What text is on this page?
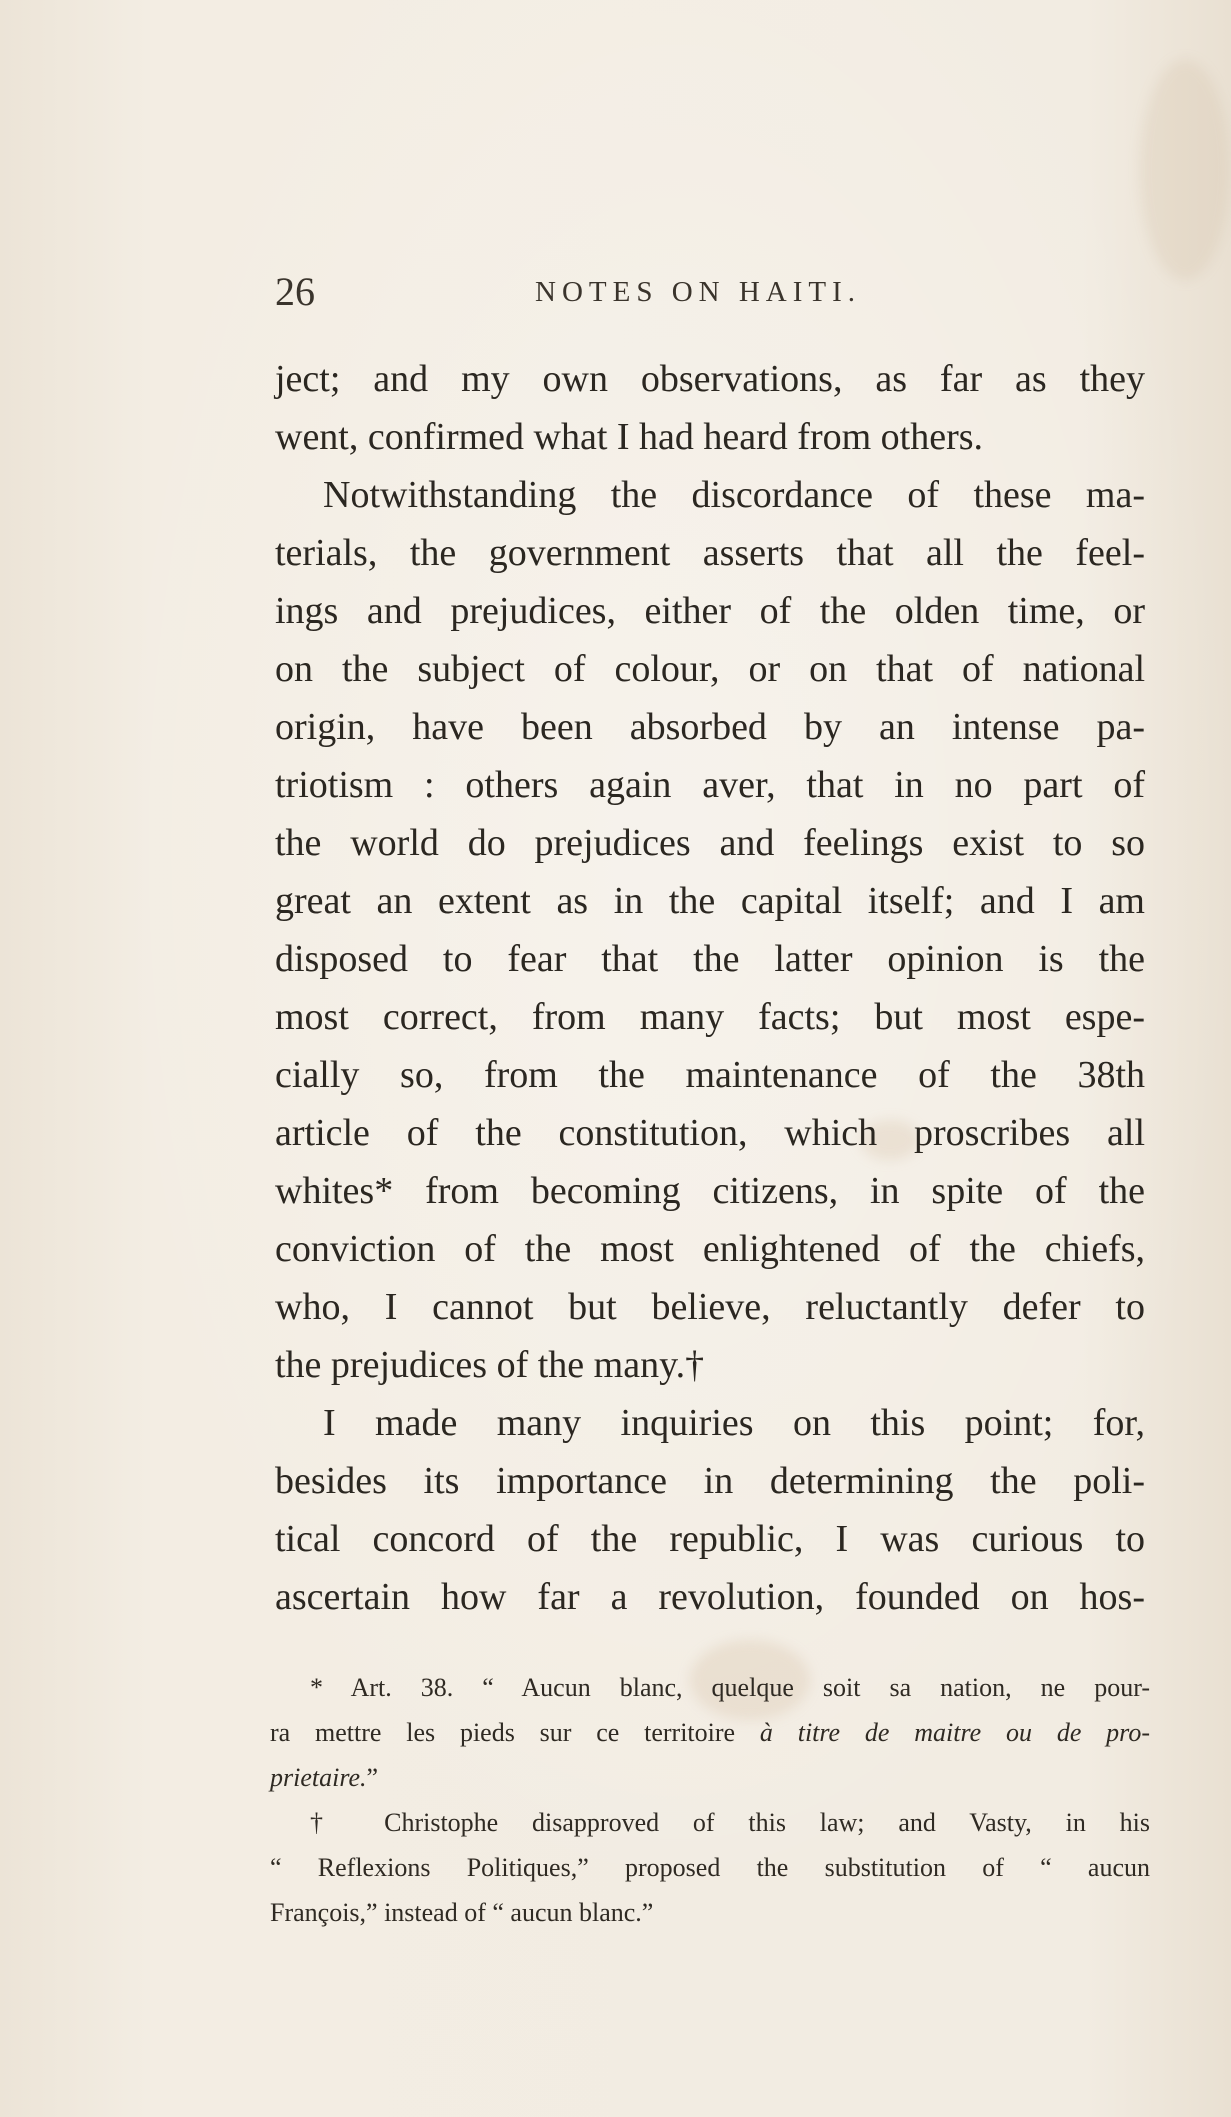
26	NOTES ON HAITI.
ject; and my own observations, as far as they
went, confirmed what I had heard from others.
Notwithstanding the discordance of these ma-
terials, the government asserts that all the feel-
ings and prejudices, either of the olden time, or
on the subject of colour, or on that of national
origin, have been absorbed by an intense pa-
triotism : others again aver, that in no part of
the world do prejudices and feelings exist to so
great an extent as in the capital itself; and I am
disposed to fear that the latter opinion is the
most correct, from many facts; but most espe-
cially so, from the maintenance of the 38th
article of the constitution, which proscribes all
whites* from becoming citizens, in spite of the
conviction of the most enlightened of the chiefs,
who, I cannot but believe, reluctantly defer to
the prejudices of the many.†
I made many inquiries on this point; for,
besides its importance in determining the poli-
tical concord of the republic, I was curious to
ascertain how far a revolution, founded on hos-
* Art. 38. “ Aucun blanc, quelque soit sa nation, ne pour-
ra mettre les pieds sur ce territoire à titre de maitre ou de pro-
prietaire.”
† Christophe disapproved of this law; and Vasty, in his
“ Reflexions Politiques,” proposed the substitution of “ aucun
François,” instead of “ aucun blanc.”
